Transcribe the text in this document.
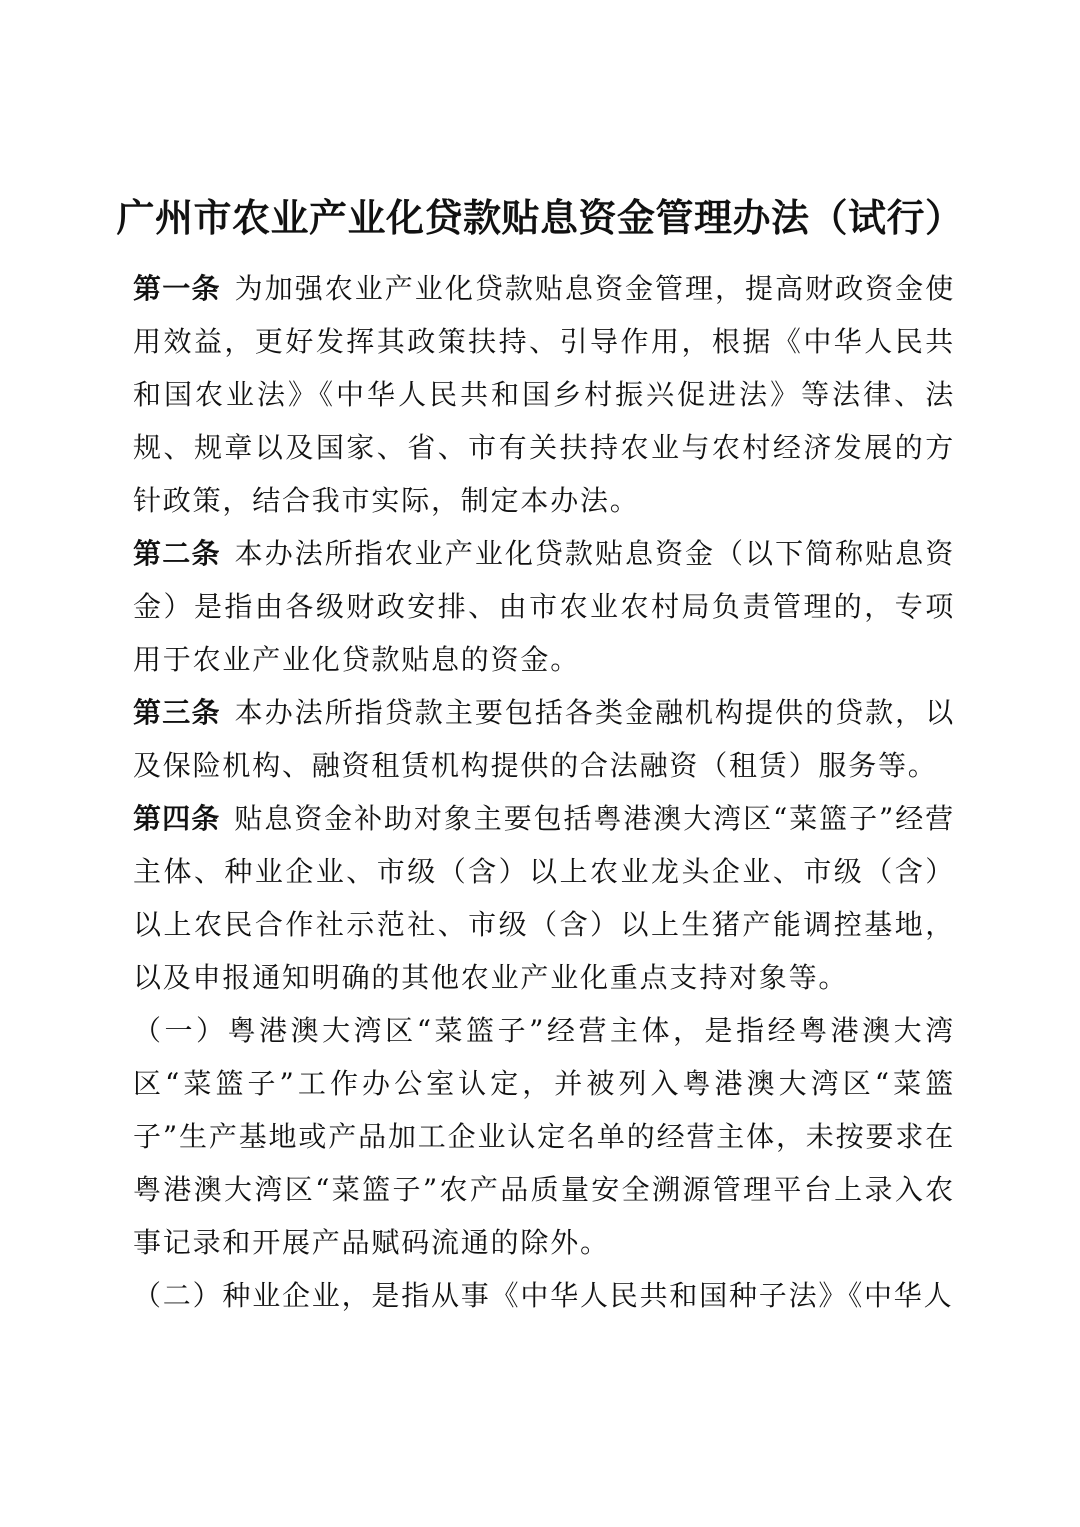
广州市农业产业化贷款贴息资金管理办法（试行）

第一条 为加强农业产业化贷款贴息资金管理，提高财政资金使用效益，更好发挥其政策扶持、引导作用，根据《中华人民共和国农业法》《中华人民共和国乡村振兴促进法》等法律、法规、规章以及国家、省、市有关扶持农业与农村经济发展的方针政策，结合我市实际，制定本办法。

第二条 本办法所指农业产业化贷款贴息资金（以下简称贴息资金）是指由各级财政安排、由市农业农村局负责管理的，专项用于农业产业化贷款贴息的资金。

第三条 本办法所指贷款主要包括各类金融机构提供的贷款，以及保险机构、融资租赁机构提供的合法融资（租赁）服务等。

第四条 贴息资金补助对象主要包括粤港澳大湾区“菜篮子”经营主体、种业企业、市级（含）以上农业龙头企业、市级（含）以上农民合作社示范社、市级（含）以上生猪产能调控基地，以及申报通知明确的其他农业产业化重点支持对象等。

（一）粤港澳大湾区“菜篮子”经营主体，是指经粤港澳大湾区“菜篮子”工作办公室认定，并被列入粤港澳大湾区“菜篮子”生产基地或产品加工企业认定名单的经营主体，未按要求在粤港澳大湾区“菜篮子”农产品质量安全溯源管理平台上录入农事记录和开展产品赋码流通的除外。

（二）种业企业，是指从事《中华人民共和国种子法》《中华人
